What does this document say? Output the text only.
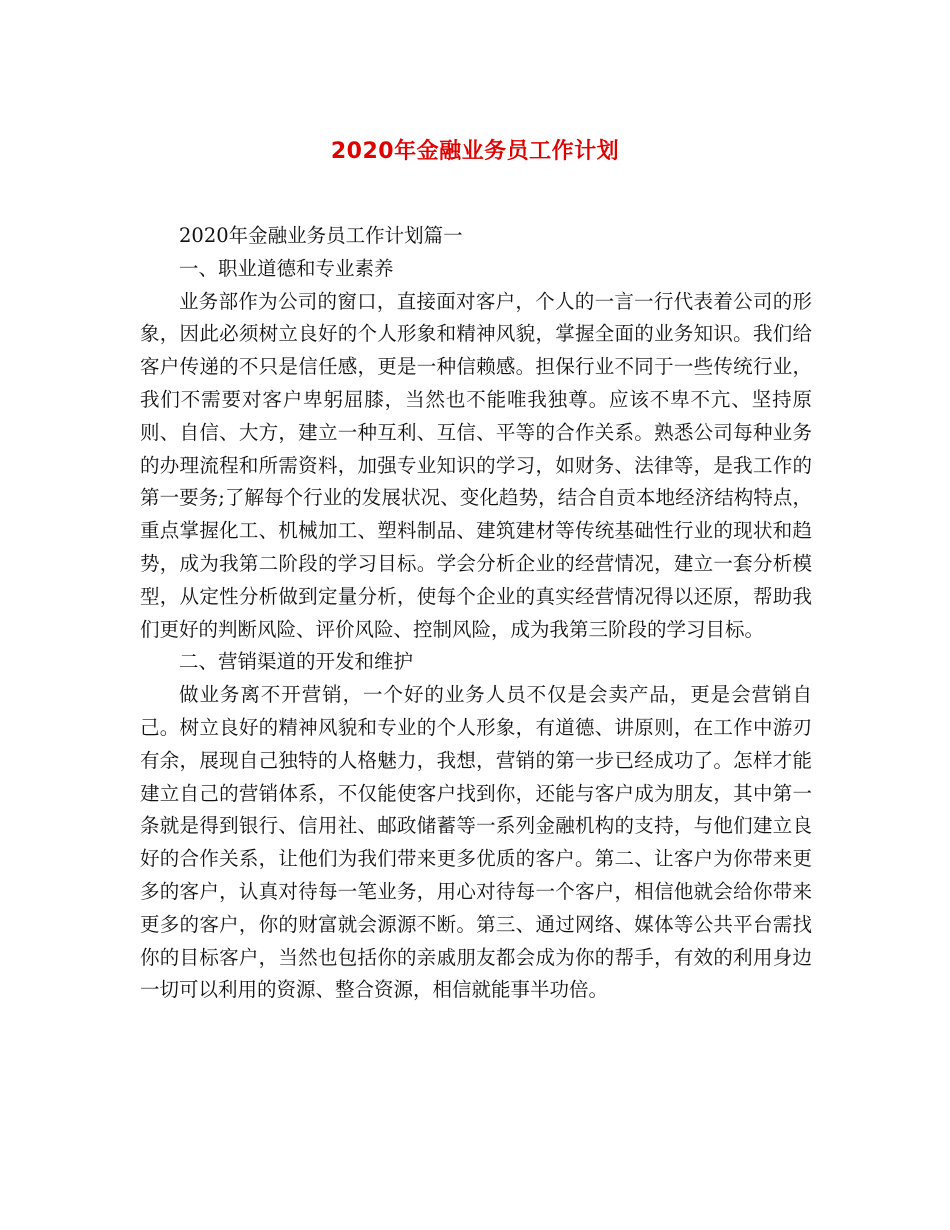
2020年金融业务员工作计划

2020年金融业务员工作计划篇一

一、职业道德和专业素养

业务部作为公司的窗口，直接面对客户，个人的一言一行代表着公司的形象，因此必须树立良好的个人形象和精神风貌，掌握全面的业务知识。我们给客户传递的不只是信任感，更是一种信赖感。担保行业不同于一些传统行业，我们不需要对客户卑躬屈膝，当然也不能唯我独尊。应该不卑不亢、坚持原则、自信、大方，建立一种互利、互信、平等的合作关系。熟悉公司每种业务的办理流程和所需资料，加强专业知识的学习，如财务、法律等，是我工作的第一要务;了解每个行业的发展状况、变化趋势，结合自贡本地经济结构特点，重点掌握化工、机械加工、塑料制品、建筑建材等传统基础性行业的现状和趋势，成为我第二阶段的学习目标。学会分析企业的经营情况，建立一套分析模型，从定性分析做到定量分析，使每个企业的真实经营情况得以还原，帮助我们更好的判断风险、评价风险、控制风险，成为我第三阶段的学习目标。

二、营销渠道的开发和维护

做业务离不开营销，一个好的业务人员不仅是会卖产品，更是会营销自己。树立良好的精神风貌和专业的个人形象，有道德、讲原则，在工作中游刃有余，展现自己独特的人格魅力，我想，营销的第一步已经成功了。怎样才能建立自己的营销体系，不仅能使客户找到你，还能与客户成为朋友，其中第一条就是得到银行、信用社、邮政储蓄等一系列金融机构的支持，与他们建立良好的合作关系，让他们为我们带来更多优质的客户。第二、让客户为你带来更多的客户，认真对待每一笔业务，用心对待每一个客户，相信他就会给你带来更多的客户，你的财富就会源源不断。第三、通过网络、媒体等公共平台需找你的目标客户，当然也包括你的亲戚朋友都会成为你的帮手，有效的利用身边一切可以利用的资源、整合资源，相信就能事半功倍。
